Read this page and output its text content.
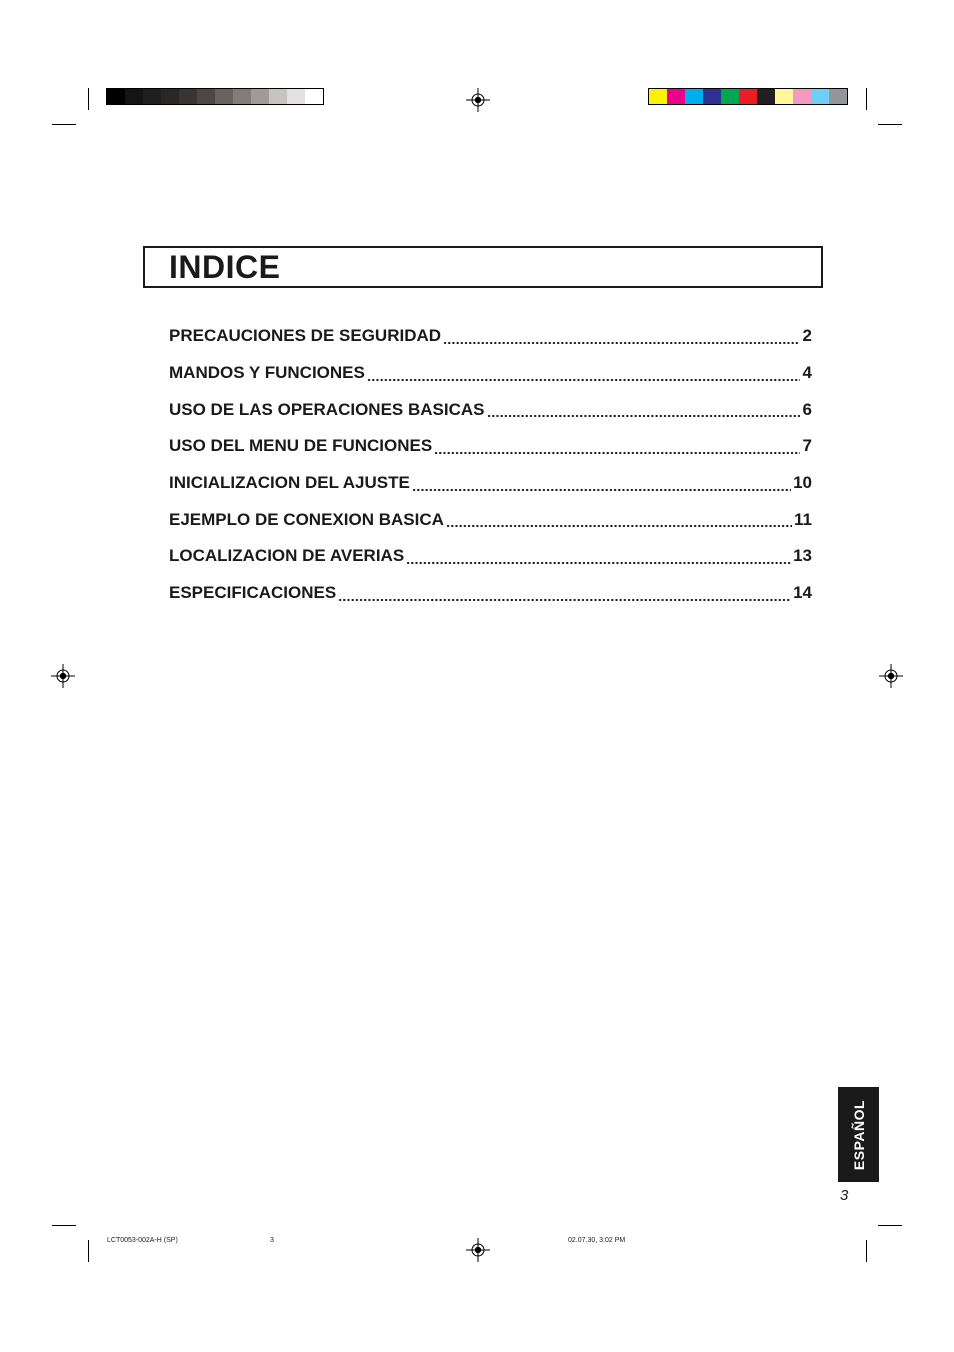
INDICE
PRECAUCIONES DE SEGURIDAD	2
MANDOS Y FUNCIONES	4
USO DE LAS OPERACIONES BASICAS	6
USO DEL MENU DE FUNCIONES	7
INICIALIZACION DEL AJUSTE	10
EJEMPLO DE CONEXION BASICA	11
LOCALIZACION DE AVERIAS	13
ESPECIFICACIONES	14
ESPAÑOL
3
LCT0053-002A-H (SP)	3	02.07.30, 3:02 PM
